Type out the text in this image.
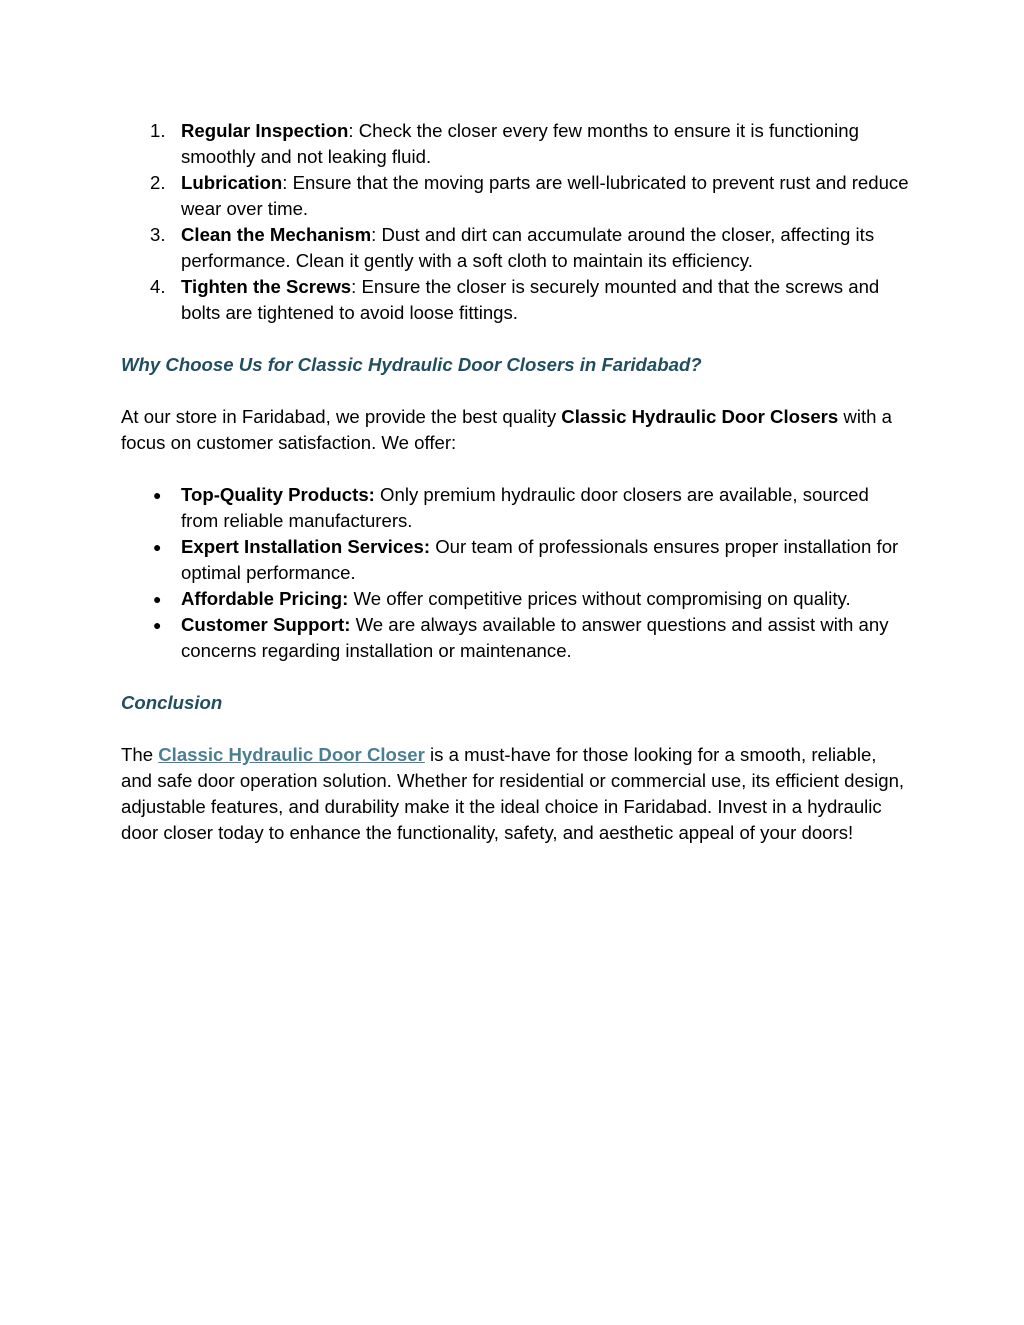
1. Regular Inspection: Check the closer every few months to ensure it is functioning smoothly and not leaking fluid.
2. Lubrication: Ensure that the moving parts are well-lubricated to prevent rust and reduce wear over time.
3. Clean the Mechanism: Dust and dirt can accumulate around the closer, affecting its performance. Clean it gently with a soft cloth to maintain its efficiency.
4. Tighten the Screws: Ensure the closer is securely mounted and that the screws and bolts are tightened to avoid loose fittings.
Why Choose Us for Classic Hydraulic Door Closers in Faridabad?

At our store in Faridabad, we provide the best quality Classic Hydraulic Door Closers with a focus on customer satisfaction. We offer:

● Top-Quality Products: Only premium hydraulic door closers are available, sourced from reliable manufacturers.
● Expert Installation Services: Our team of professionals ensures proper installation for optimal performance.
● Affordable Pricing: We offer competitive prices without compromising on quality.
● Customer Support: We are always available to answer questions and assist with any concerns regarding installation or maintenance.
Conclusion

The Classic Hydraulic Door Closer is a must-have for those looking for a smooth, reliable, and safe door operation solution. Whether for residential or commercial use, its efficient design, adjustable features, and durability make it the ideal choice in Faridabad. Invest in a hydraulic door closer today to enhance the functionality, safety, and aesthetic appeal of your doors!
